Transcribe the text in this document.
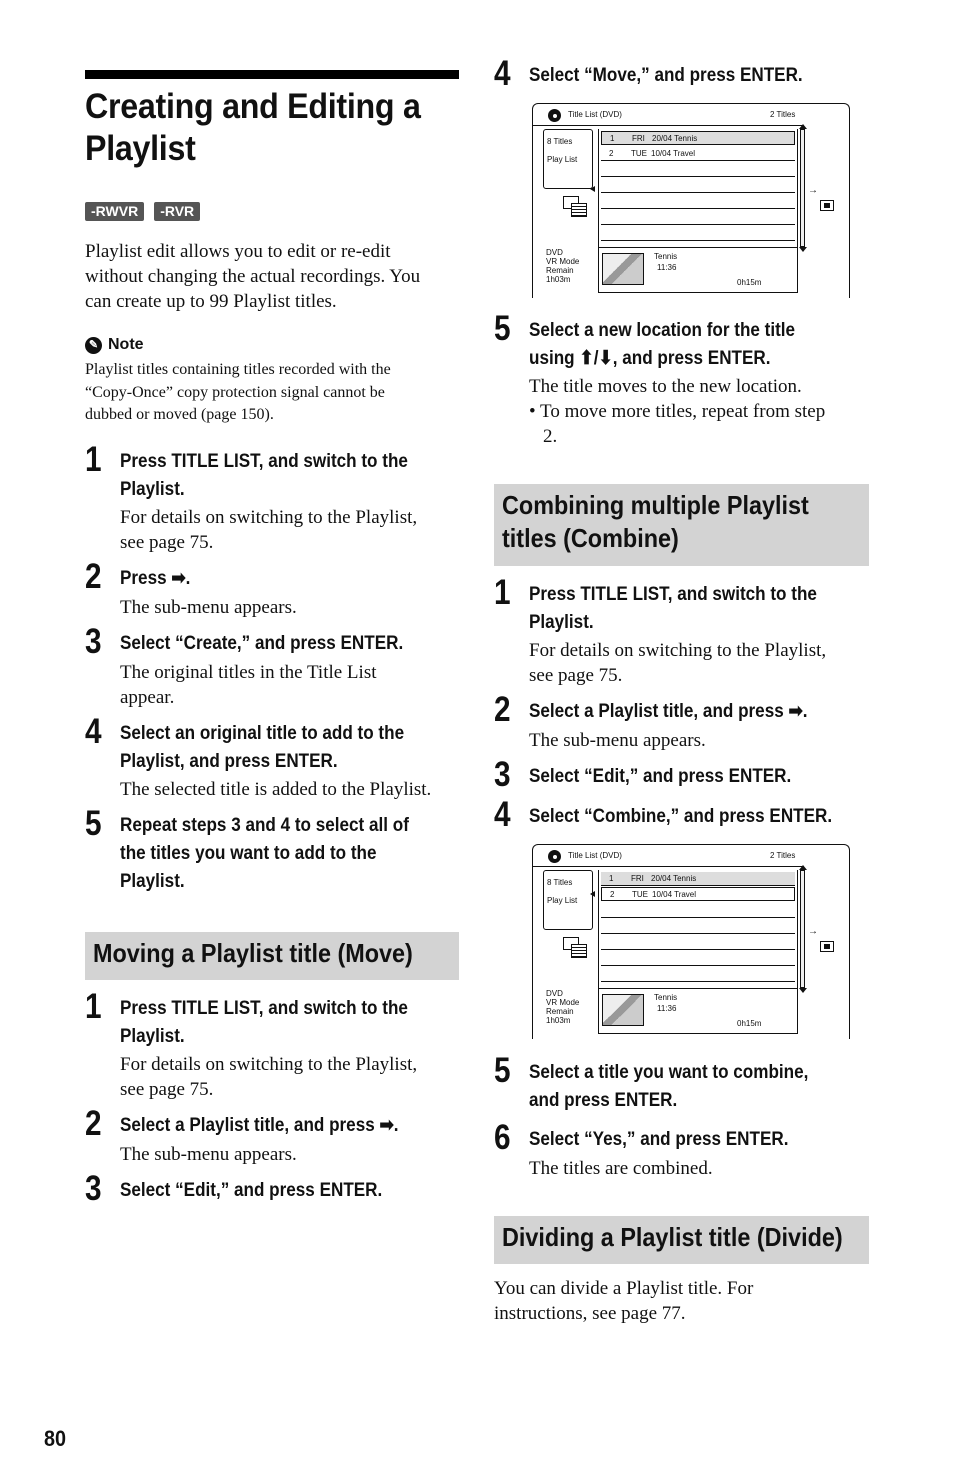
Creating and Editing a
Playlist
-RWVR	-RVR
Playlist edit allows you to edit or re-edit
without changing the actual recordings. You
can create up to 99 Playlist titles.
✎ Note
Playlist titles containing titles recorded with the
“Copy-Once” copy protection signal cannot be
dubbed or moved (page 150).
1 Press TITLE LIST, and switch to the
Playlist.
For details on switching to the Playlist,
see page 75.
2 Press ➡.
The sub-menu appears.
3 Select “Create,” and press ENTER.
The original titles in the Title List
appear.
4 Select an original title to add to the
Playlist, and press ENTER.
The selected title is added to the Playlist.
5 Repeat steps 3 and 4 to select all of
the titles you want to add to the
Playlist.
Moving a Playlist title (Move)
1 Press TITLE LIST, and switch to the
Playlist.
For details on switching to the Playlist,
see page 75.
2 Select a Playlist title, and press ➡.
The sub-menu appears.
3 Select “Edit,” and press ENTER.
4 Select “Move,” and press ENTER.
Title List (DVD)	2 Titles
8 Titles
Play List
1 FRI 20/04 Tennis
2 TUE 10/04 Travel
Tennis
11:36
0h15m
DVD
VR Mode
Remain
1h03m
→
5 Select a new location for the title
using ⬆/⬇, and press ENTER.
The title moves to the new location.
• To move more titles, repeat from step
2.
Combining multiple Playlist
titles (Combine)
1 Press TITLE LIST, and switch to the
Playlist.
For details on switching to the Playlist,
see page 75.
2 Select a Playlist title, and press ➡.
The sub-menu appears.
3 Select “Edit,” and press ENTER.
4 Select “Combine,” and press ENTER.
Title List (DVD)	2 Titles
8 Titles
Play List
1 FRI 20/04 Tennis
2 TUE 10/04 Travel
Tennis
11:36
0h15m
DVD
VR Mode
Remain
1h03m
→
5 Select a title you want to combine,
and press ENTER.
6 Select “Yes,” and press ENTER.
The titles are combined.
Dividing a Playlist title (Divide)
You can divide a Playlist title. For
instructions, see page 77.
80
